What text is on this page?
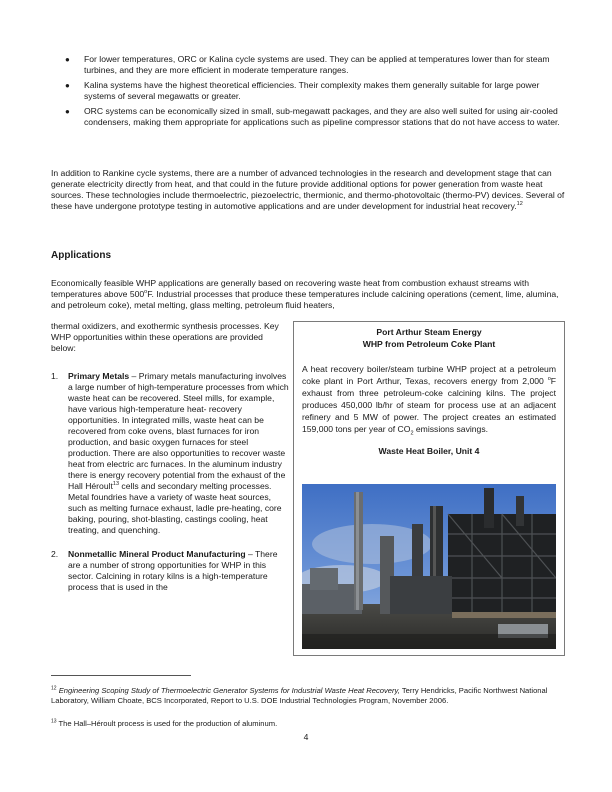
● For lower temperatures, ORC or Kalina cycle systems are used. They can be applied at temperatures lower than for steam turbines, and they are more efficient in moderate temperature ranges.
● Kalina systems have the highest theoretical efficiencies. Their complexity makes them generally suitable for large power systems of several megawatts or greater.
● ORC systems can be economically sized in small, sub-megawatt packages, and they are also well suited for using air-cooled condensers, making them appropriate for applications such as pipeline compressor stations that do not have access to water.

In addition to Rankine cycle systems, there are a number of advanced technologies in the research and development stage that can generate electricity directly from heat, and that could in the future provide additional options for power generation from waste heat sources. These technologies include thermoelectric, piezoelectric, thermionic, and thermo-photovoltaic (thermo-PV) devices. Several of these have undergone prototype testing in automotive applications and are under development for industrial heat recovery.$^{12}$

Applications

Economically feasible WHP applications are generally based on recovering waste heat from combustion exhaust streams with temperatures above 500$^o$F. Industrial processes that produce these temperatures include calcining operations (cement, lime, alumina, and petroleum coke), metal melting, glass melting, petroleum fluid heaters,

thermal oxidizers, and exothermic synthesis processes. Key WHP opportunities within these operations are provided below:

1. Primary Metals – Primary metals manufacturing involves a large number of high-temperature processes from which waste heat can be recovered. Steel mills, for example, have various high-temperature heat- recovery opportunities. In integrated mills, waste heat can be recovered from coke ovens, blast furnaces for iron production, and basic oxygen furnaces for steel production. There are also opportunities to recover waste heat from electric arc furnaces. In the aluminum industry there is energy recovery potential from the exhaust of the Hall Héroult$^{13}$ cells and secondary melting processes. Metal foundries have a variety of waste heat sources, such as melting furnace exhaust, ladle pre-heating, core baking, pouring, shot-blasting, castings cooling, heat treating, and quenching.
2. Nonmetallic Mineral Product Manufacturing – There are a number of strong opportunities for WHP in this sector. Calcining in rotary kilns is a high-temperature process that is used in the
Port Arthur Steam Energy
WHP from Petroleum Coke Plant

A heat recovery boiler/steam turbine WHP project at a petroleum coke plant in Port Arthur, Texas, recovers energy from 2,000 $^o$F exhaust from three petroleum-coke calcining kilns. The project produces 450,000 lb/hr of steam for process use at an adjacent refinery and 5 MW of power. The project creates an estimated 159,000 tons per year of $CO_2$ emissions savings.

Waste Heat Boiler, Unit 4

$^{12}$ Engineering Scoping Study of Thermoelectric Generator Systems for Industrial Waste Heat Recovery, Terry Hendricks, Pacific Northwest National Laboratory, William Choate, BCS Incorporated, Report to U.S. DOE Industrial Technologies Program, November 2006.

$^{13}$ The Hall–Héroult process is used for the production of aluminum.

4
